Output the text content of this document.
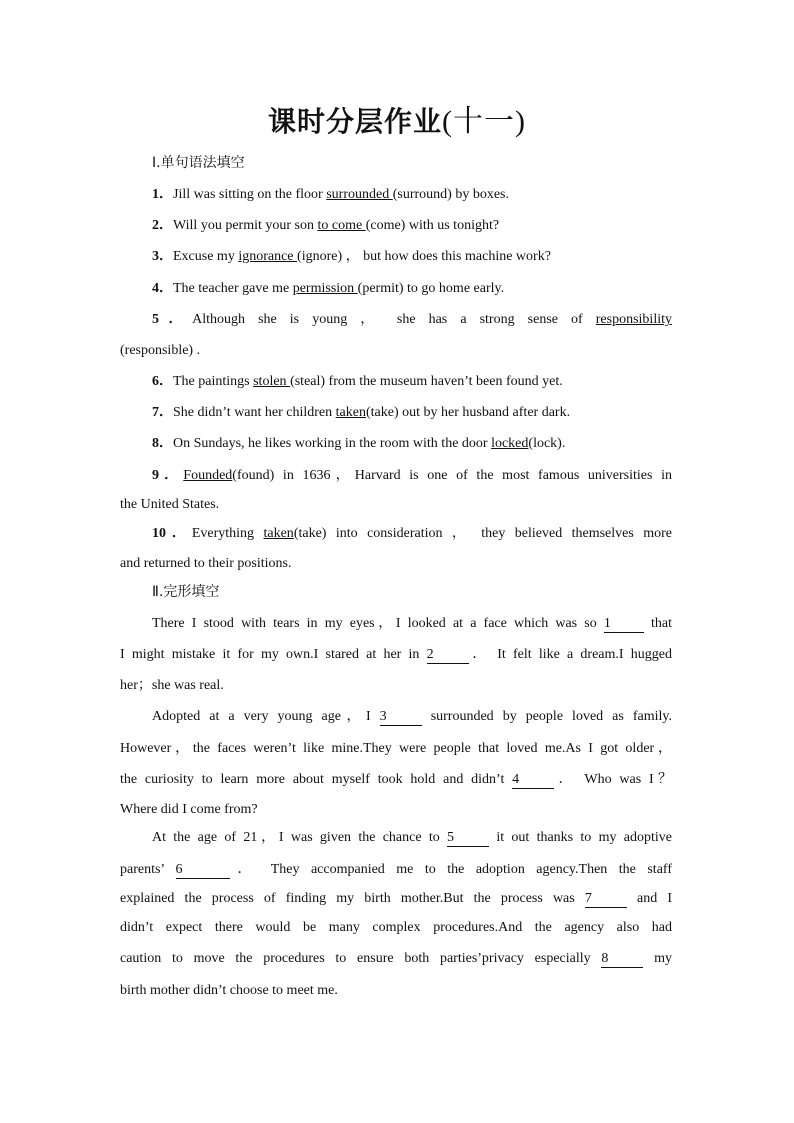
课时分层作业(十一)
Ⅰ.单句语法填空
1．Jill was sitting on the floor surrounded (surround) by boxes.
2．Will you permit your son to come (come) with us tonight?
3．Excuse my ignorance (ignore) ， but how does this machine work?
4．The teacher gave me permission (permit) to go home early.
5．Although she is young ， she has a strong sense of responsibility
(responsible) .
6．The paintings stolen (steal) from the museum haven’t been found yet.
7．She didn’t want her children taken(take) out by her husband after dark.
8．On Sundays, he likes working in the room with the door locked(lock).
9．Founded(found) in 1636，Harvard is one of the most famous universities in
the United States.
10．Everything taken(take) into consideration ， they believed themselves more
and returned to their positions.
Ⅱ.完形填空
There I stood with tears in my eyes，I looked at a face which was so 1 that
I might mistake it for my own.I stared at her in 2	． It felt like a dream.I hugged
her；she was real.
Adopted at a very young age，I 3	surrounded by people loved as family.
However，the faces weren’t like mine.They were people that loved me.As I got older，
the curiosity to learn more about myself took hold and didn’t 4	． Who was I？
Where did I come from?
At the age of 21，I was given the chance to 5	it out thanks to my adoptive
parents’ 6	． They accompanied me to the adoption agency.Then the staff
explained the process of finding my birth mother.But the process was 7	and I
didn’t expect there would be many complex procedures.And the agency also had
caution to move the procedures to ensure both parties’privacy especially 8	my
birth mother didn’t choose to meet me.
